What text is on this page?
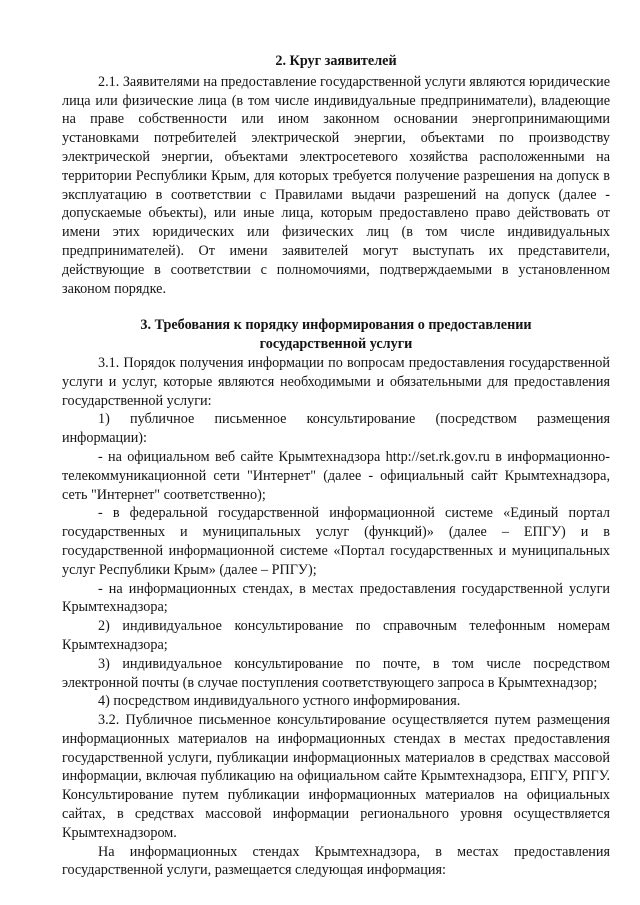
2. Круг заявителей

2.1. Заявителями на предоставление государственной услуги являются юридические лица или физические лица (в том числе индивидуальные предприниматели), владеющие на праве собственности или ином законном основании энергопринимающими установками потребителей электрической энергии, объектами по производству электрической энергии, объектами электросетевого хозяйства расположенными на территории Республики Крым, для которых требуется получение разрешения на допуск в эксплуатацию в соответствии с Правилами выдачи разрешений на допуск (далее - допускаемые объекты), или иные лица, которым предоставлено право действовать от имени этих юридических или физических лиц (в том числе индивидуальных предпринимателей). От имени заявителей могут выступать их представители, действующие в соответствии с полномочиями, подтверждаемыми в установленном законом порядке.

3. Требования к порядку информирования о предоставлении
государственной услуги

3.1. Порядок получения информации по вопросам предоставления государственной услуги и услуг, которые являются необходимыми и обязательными для предоставления государственной услуги:

1) публичное письменное консультирование (посредством размещения информации):

- на официальном веб сайте Крымтехнадзора http://set.rk.gov.ru в информационно-телекоммуникационной сети "Интернет" (далее - официальный сайт Крымтехнадзора, сеть "Интернет" соответственно);

- в федеральной государственной информационной системе «Единый портал государственных и муниципальных услуг (функций)» (далее – ЕПГУ) и в государственной информационной системе «Портал государственных и муниципальных услуг Республики Крым» (далее – РПГУ);

- на информационных стендах, в местах предоставления государственной услуги Крымтехнадзора;

2) индивидуальное консультирование по справочным телефонным номерам Крымтехнадзора;

3) индивидуальное консультирование по почте, в том числе посредством электронной почты (в случае поступления соответствующего запроса в Крымтехнадзор;

4) посредством индивидуального устного информирования.

3.2. Публичное письменное консультирование осуществляется путем размещения информационных материалов на информационных стендах в местах предоставления государственной услуги, публикации информационных материалов в средствах массовой информации, включая публикацию на официальном сайте Крымтехнадзора, ЕПГУ, РПГУ. Консультирование путем публикации информационных материалов на официальных сайтах, в средствах массовой информации регионального уровня осуществляется Крымтехнадзором.

На информационных стендах Крымтехнадзора, в местах предоставления государственной услуги, размещается следующая информация:
